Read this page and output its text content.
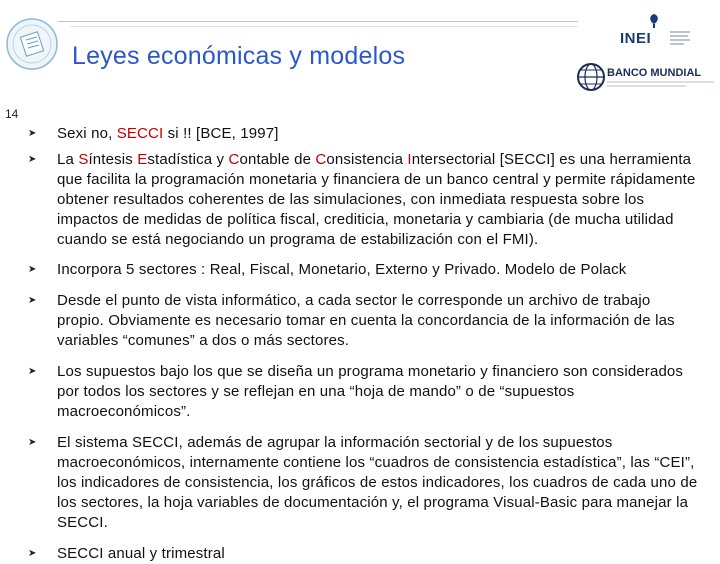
Leyes económicas y modelos
INEI
BANCO MUNDIAL
14
➤ Sexi no, SECCI si !! [BCE, 1997]
➤ La Síntesis Estadística y Contable de Consistencia Intersectorial [SECCI] es una herramienta que facilita la programación monetaria y financiera de un banco central y permite rápidamente obtener resultados coherentes de las simulaciones, con inmediata respuesta sobre los impactos de medidas de política fiscal, crediticia, monetaria y cambiaria (de mucha utilidad cuando se está negociando un programa de estabilización con el FMI).
➤ Incorpora 5 sectores : Real, Fiscal, Monetario, Externo y Privado. Modelo de Polack
➤ Desde el punto de vista informático, a cada sector le corresponde un archivo de trabajo propio. Obviamente es necesario tomar en cuenta la concordancia de la información de las variables “comunes” a dos o más sectores.
➤ Los supuestos bajo los que se diseña un programa monetario y financiero son considerados por todos los sectores y se reflejan en una “hoja de mando” o de “supuestos macroeconómicos”.
➤ El sistema SECCI, además de agrupar la información sectorial y de los supuestos macroeconómicos, internamente contiene los “cuadros de consistencia estadística”, las “CEI”, los indicadores de consistencia, los gráficos de estos indicadores, los cuadros de cada uno de los sectores, la hoja variables de documentación y, el programa Visual-Basic para manejar la SECCI.
➤ SECCI anual y trimestral
